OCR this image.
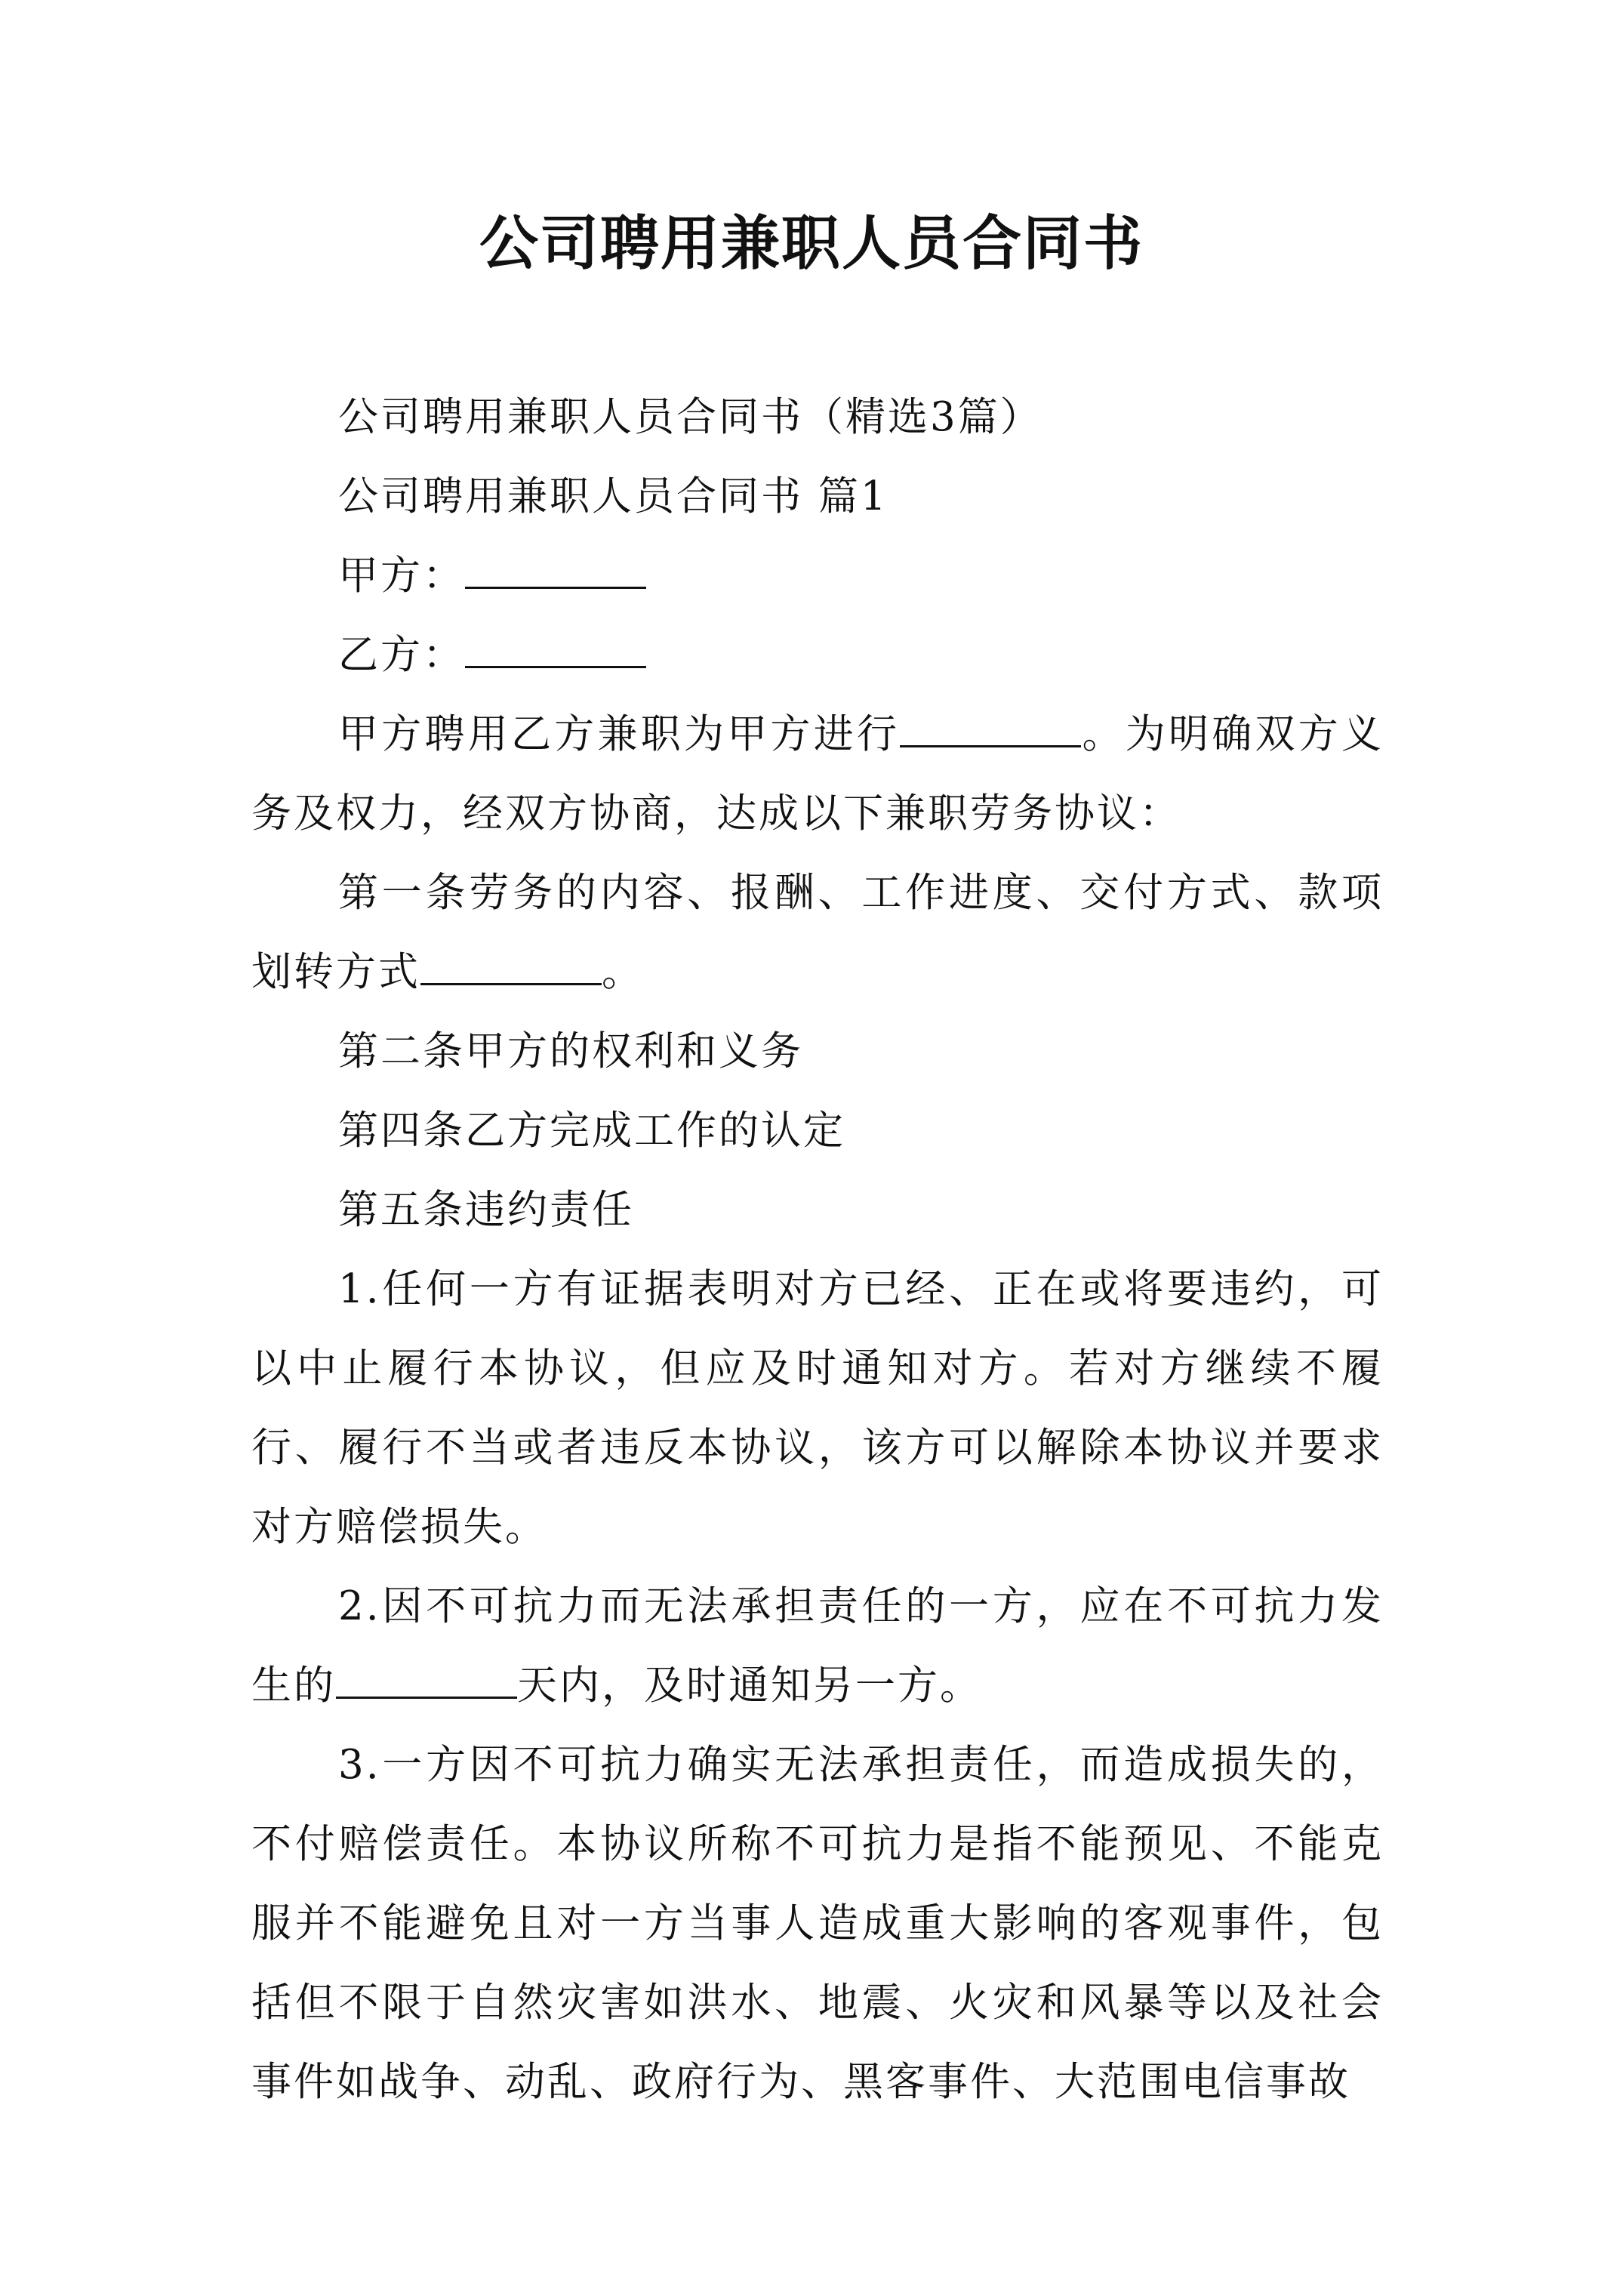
公司聘用兼职人员合同书

公司聘用兼职人员合同书（精选3篇）

公司聘用兼职人员合同书 篇1

甲方：

乙方：

甲方聘用乙方兼职为甲方进行	。为明确双方义务及权力，经双方协商，达成以下兼职劳务协议：

第一条劳务的内容、报酬、工作进度、交付方式、款项划转方式	。

第二条甲方的权利和义务

第四条乙方完成工作的认定

第五条违约责任

1.任何一方有证据表明对方已经、正在或将要违约，可以中止履行本协议，但应及时通知对方。若对方继续不履行、履行不当或者违反本协议，该方可以解除本协议并要求对方赔偿损失。

2.因不可抗力而无法承担责任的一方，应在不可抗力发生的	天内，及时通知另一方。

3.一方因不可抗力确实无法承担责任，而造成损失的，不付赔偿责任。本协议所称不可抗力是指不能预见、不能克服并不能避免且对一方当事人造成重大影响的客观事件，包括但不限于自然灾害如洪水、地震、火灾和风暴等以及社会事件如战争、动乱、政府行为、黑客事件、大范围电信事故
